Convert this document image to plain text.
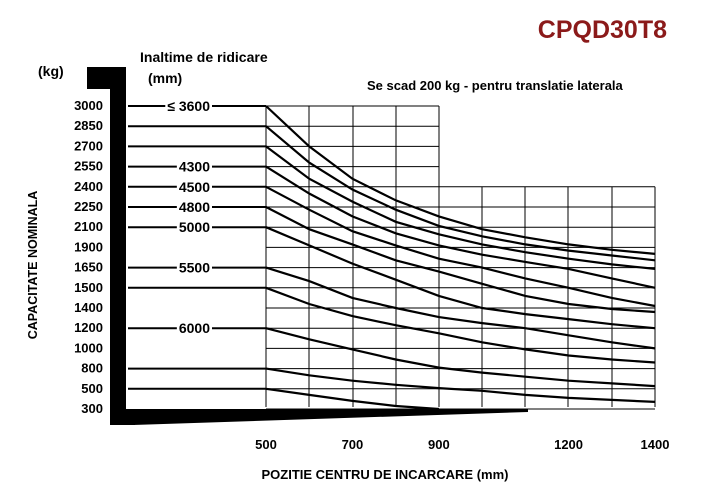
CPQD30T8
Se scad 200 kg - pentru translatie laterala
Inaltime de ridicare
(mm)
(kg)
CAPACITATE NOMINALA
POZITIE CENTRU DE INCARCARE (mm)
3000
2850
2700
2550
2400
2250
2100
1900
1650
1500
1400
1200
1000
800
500
300
500	700	900	1200	1400
≤ 3600
4300
4500
4800
5000
5500
6000
